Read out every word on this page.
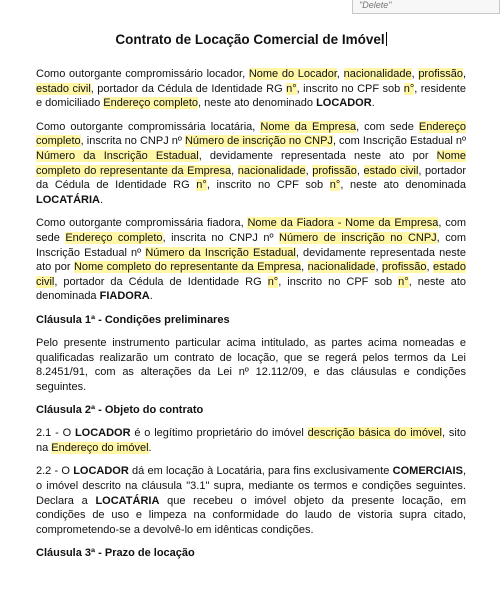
"Delete"
Contrato de Locação Comercial de Imóvel

Como outorgante compromissário locador, Nome do Locador, nacionalidade, profissão, estado civil, portador da Cédula de Identidade RG n°, inscrito no CPF sob n°, residente e domiciliado Endereço completo, neste ato denominado LOCADOR.

Como outorgante compromissária locatária, Nome da Empresa, com sede Endereço completo, inscrita no CNPJ nº Número de inscrição no CNPJ, com Inscrição Estadual nº Número da Inscrição Estadual, devidamente representada neste ato por Nome completo do representante da Empresa, nacionalidade, profissão, estado civil, portador da Cédula de Identidade RG n°, inscrito no CPF sob n°, neste ato denominada LOCATÁRIA.

Como outorgante compromissária fiadora, Nome da Fiadora - Nome da Empresa, com sede Endereço completo, inscrita no CNPJ nº Número de inscrição no CNPJ, com Inscrição Estadual nº Número da Inscrição Estadual, devidamente representada neste ato por Nome completo do representante da Empresa, nacionalidade, profissão, estado civil, portador da Cédula de Identidade RG n°, inscrito no CPF sob n°, neste ato denominada FIADORA.

Cláusula 1ª - Condições preliminares

Pelo presente instrumento particular acima intitulado, as partes acima nomeadas e qualificadas realizarão um contrato de locação, que se regerá pelos termos da Lei 8.2451/91, com as alterações da Lei nº 12.112/09, e das cláusulas e condições seguintes.

Cláusula 2ª - Objeto do contrato

2.1 - O LOCADOR é o legítimo proprietário do imóvel descrição básica do imóvel, sito na Endereço do imóvel.

2.2 - O LOCADOR dá em locação à Locatária, para fins exclusivamente COMERCIAIS, o imóvel descrito na cláusula "3.1" supra, mediante os termos e condições seguintes. Declara a LOCATÁRIA que recebeu o imóvel objeto da presente locação, em condições de uso e limpeza na conformidade do laudo de vistoria supra citado, comprometendo-se a devolvê-lo em idênticas condições.

Cláusula 3ª - Prazo de locação
